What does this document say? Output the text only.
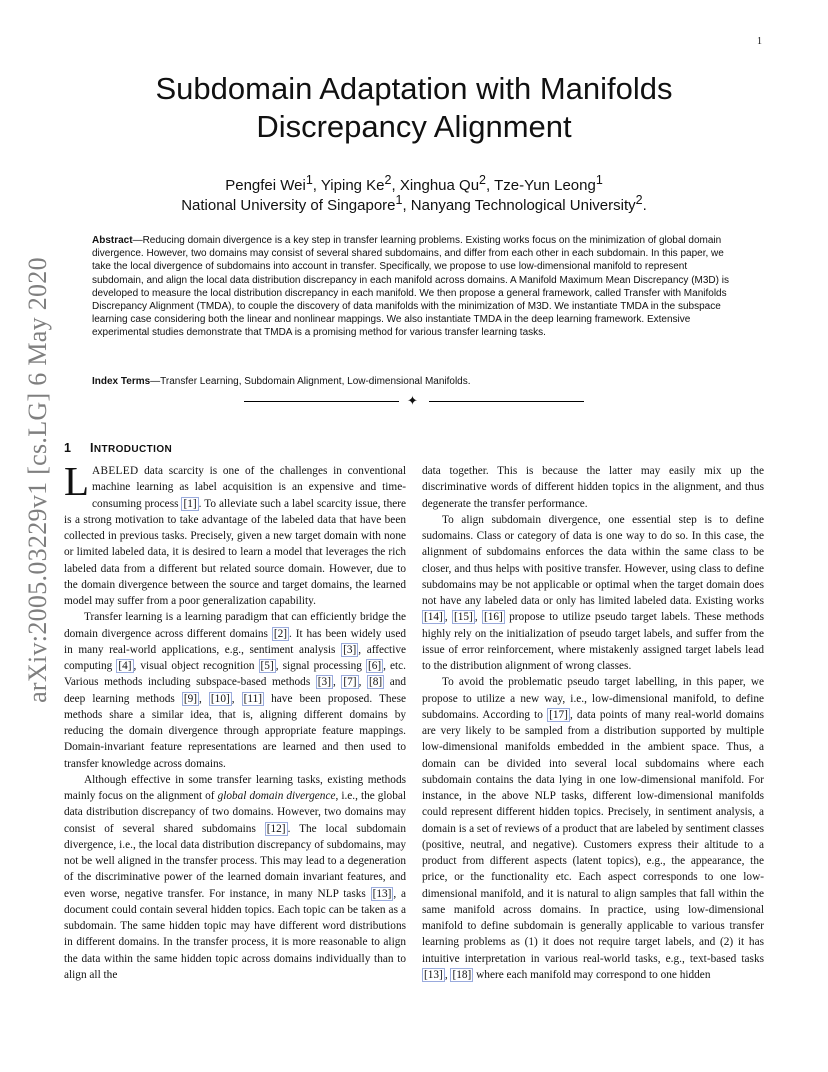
1
arXiv:2005.03229v1 [cs.LG] 6 May 2020
Subdomain Adaptation with Manifolds
Discrepancy Alignment
Pengfei Wei$^1$, Yiping Ke$^2$, Xinghua Qu$^2$, Tze-Yun Leong$^1$
National University of Singapore$^1$, Nanyang Technological University$^2$.

Abstract—Reducing domain divergence is a key step in transfer learning problems. Existing works focus on the minimization of global domain divergence. However, two domains may consist of several shared subdomains, and differ from each other in each subdomain. In this paper, we take the local divergence of subdomains into account in transfer. Specifically, we propose to use low-dimensional manifold to represent subdomain, and align the local data distribution discrepancy in each manifold across domains. A Manifold Maximum Mean Discrepancy (M3D) is developed to measure the local distribution discrepancy in each manifold. We then propose a general framework, called Transfer with Manifolds Discrepancy Alignment (TMDA), to couple the discovery of data manifolds with the minimization of M3D. We instantiate TMDA in the subspace learning case considering both the linear and nonlinear mappings. We also instantiate TMDA in the deep learning framework. Extensive experimental studies demonstrate that TMDA is a promising method for various transfer learning tasks.

Index Terms—Transfer Learning, Subdomain Alignment, Low-dimensional Manifolds.

✦
1 INTRODUCTION

LABELED data scarcity is one of the challenges in conventional machine learning as label acquisition is an expensive and time-consuming process [1] . To alleviate such a label scarcity issue, there is a strong motivation to take advantage of the labeled data that have been collected in previous tasks. Precisely, given a new target domain with none or limited labeled data, it is desired to learn a model that leverages the rich labeled data from a different but related source domain. However, due to the domain divergence between the source and target domains, the learned model may suffer from a poor generalization capability.

Transfer learning is a learning paradigm that can efficiently bridge the domain divergence across different domains [2] . It has been widely used in many real-world applications, e.g., sentiment analysis [3] , affective computing [4] , visual object recognition [5] , signal processing [6] , etc. Various methods including subspace-based methods [3] , [7] , [8] and deep learning methods [9] , [10] , [11] have been proposed. These methods share a similar idea, that is, aligning different domains by reducing the domain divergence through appropriate feature mappings. Domain-invariant feature representations are learned and then used to transfer knowledge across domains.

Although effective in some transfer learning tasks, existing methods mainly focus on the alignment of global domain divergence, i.e., the global data distribution discrepancy of two domains. However, two domains may consist of several shared subdomains [12] . The local subdomain divergence, i.e., the local data distribution discrepancy of subdomains, may not be well aligned in the transfer process. This may lead to a degeneration of the discriminative power of the learned domain invariant features, and even worse, negative transfer. For instance, in many NLP tasks [13] , a document could contain several hidden topics. Each topic can be taken as a subdomain. The same hidden topic may have different word distributions in different domains. In the transfer process, it is more reasonable to align the data within the same hidden topic across domains individually than to align all the

data together. This is because the latter may easily mix up the discriminative words of different hidden topics in the alignment, and thus degenerate the transfer performance.

To align subdomain divergence, one essential step is to define sudomains. Class or category of data is one way to do so. In this case, the alignment of subdomains enforces the data within the same class to be closer, and thus helps with positive transfer. However, using class to define subdomains may be not applicable or optimal when the target domain does not have any labeled data or only has limited labeled data. Existing works [14] , [15] , [16] propose to utilize pseudo target labels. These methods highly rely on the initialization of pseudo target labels, and suffer from the issue of error reinforcement, where mistakenly assigned target labels lead to the distribution alignment of wrong classes.

To avoid the problematic pseudo target labelling, in this paper, we propose to utilize a new way, i.e., low-dimensional manifold, to define subdomains. According to [17] , data points of many real-world domains are very likely to be sampled from a distribution supported by multiple low-dimensional manifolds embedded in the ambient space. Thus, a domain can be divided into several local subdomains where each subdomain contains the data lying in one low-dimensional manifold. For instance, in the above NLP tasks, different low-dimensional manifolds could represent different hidden topics. Precisely, in sentiment analysis, a domain is a set of reviews of a product that are labeled by sentiment classes (positive, neutral, and negative). Customers express their altitude to a product from different aspects (latent topics), e.g., the appearance, the price, or the functionality etc. Each aspect corresponds to one low-dimensional manifold, and it is natural to align samples that fall within the same manifold across domains. In practice, using low-dimensional manifold to define subdomain is generally applicable to various transfer learning problems as (1) it does not require target labels, and (2) it has intuitive interpretation in various real-world tasks, e.g., text-based tasks [13] , [18] where each manifold may correspond to one hidden
